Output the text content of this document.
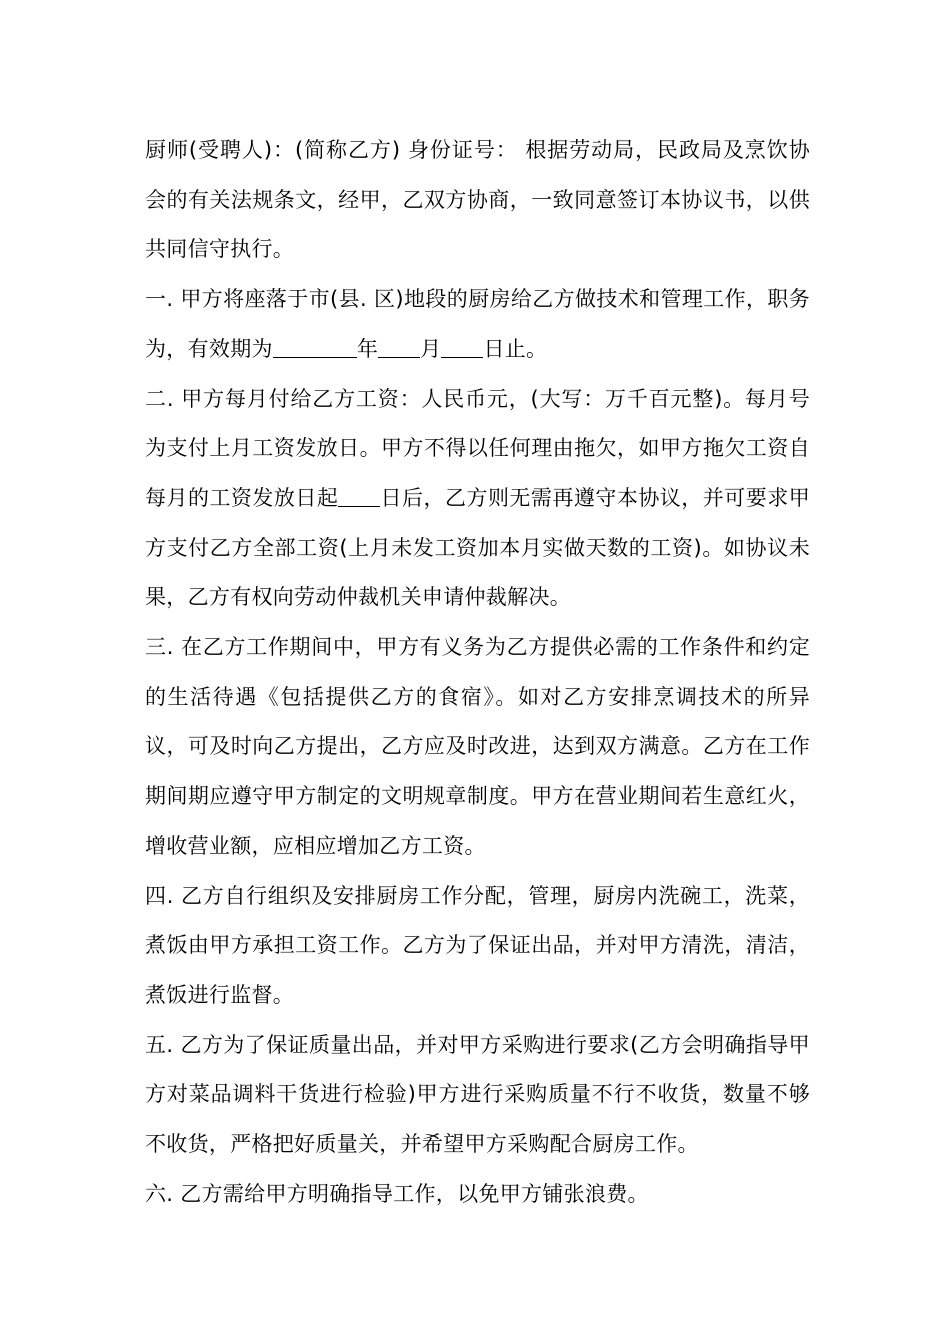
厨师(受聘人)：(简称乙方) 身份证号： 根据劳动局，民政局及烹饮协会的有关法规条文，经甲，乙双方协商，一致同意签订本协议书，以供共同信守执行。

一. 甲方将座落于市(县. 区)地段的厨房给乙方做技术和管理工作，职务为，有效期为	年 月 日止。

二. 甲方每月付给乙方工资：人民币元，(大写：万千百元整)。每月号为支付上月工资发放日。甲方不得以任何理由拖欠，如甲方拖欠工资自每月的工资发放日起 日后，乙方则无需再遵守本协议，并可要求甲方支付乙方全部工资(上月未发工资加本月实做天数的工资)。如协议未果，乙方有权向劳动仲裁机关申请仲裁解决。

三. 在乙方工作期间中，甲方有义务为乙方提供必需的工作条件和约定的生活待遇《包括提供乙方的食宿》。如对乙方安排烹调技术的所异议，可及时向乙方提出，乙方应及时改进，达到双方满意。乙方在工作期间期应遵守甲方制定的文明规章制度。甲方在营业期间若生意红火，增收营业额，应相应增加乙方工资。

四. 乙方自行组织及安排厨房工作分配，管理，厨房内洗碗工，洗菜，煮饭由甲方承担工资工作。乙方为了保证出品，并对甲方清洗，清洁，煮饭进行监督。

五. 乙方为了保证质量出品，并对甲方采购进行要求(乙方会明确指导甲方对菜品调料干货进行检验)甲方进行采购质量不行不收货，数量不够不收货，严格把好质量关，并希望甲方采购配合厨房工作。

六. 乙方需给甲方明确指导工作，以免甲方铺张浪费。
